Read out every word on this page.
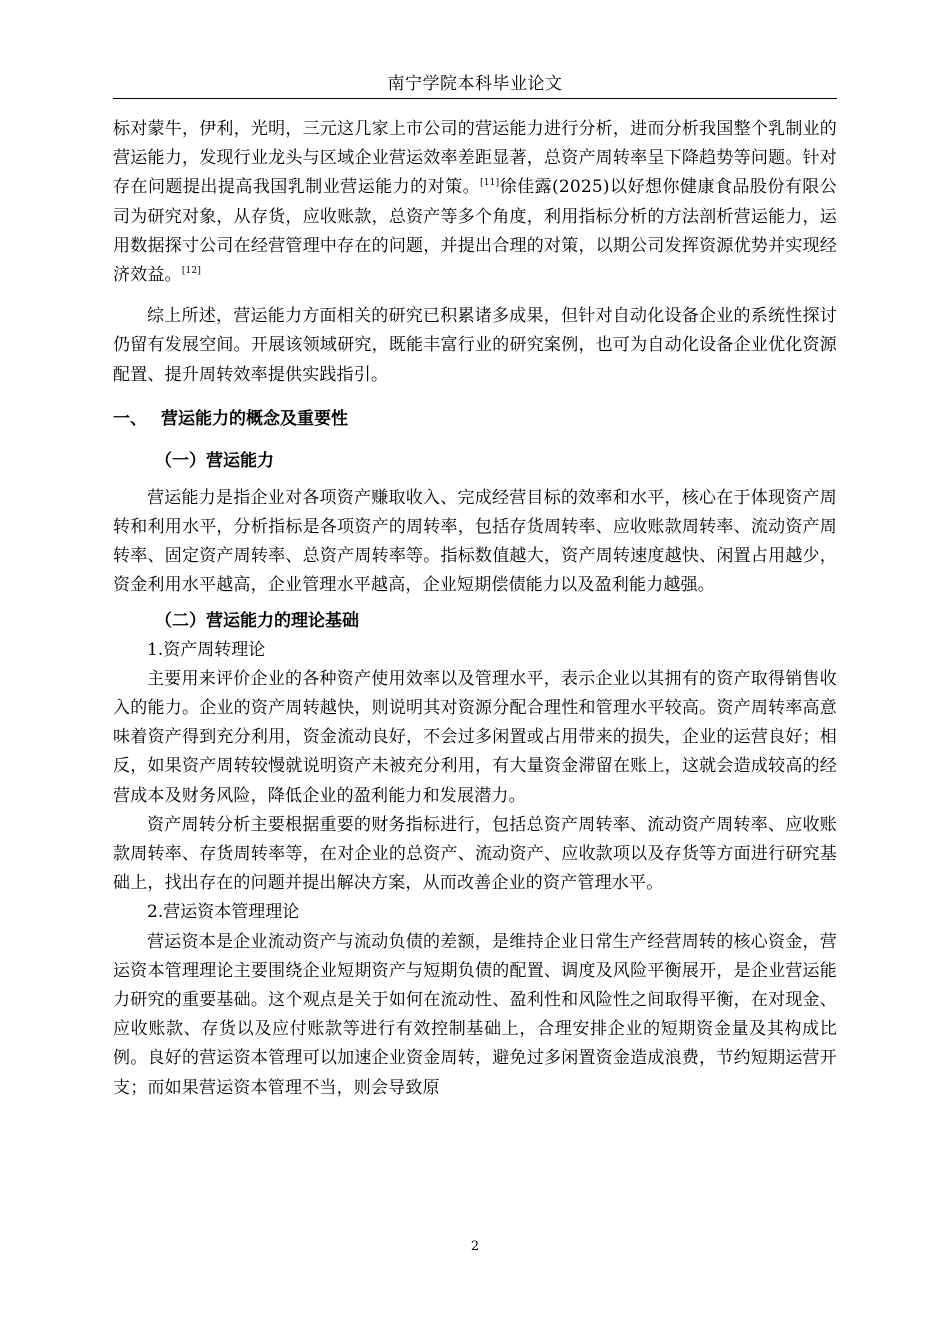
南宁学院本科毕业论文

标对蒙牛，伊利，光明，三元这几家上市公司的营运能力进行分析，进而分析我国整个乳制业的营运能力，发现行业龙头与区域企业营运效率差距显著，总资产周转率呈下降趋势等问题。针对存在问题提出提高我国乳制业营运能力的对策。[11]徐佳露(2025)以好想你健康食品股份有限公司为研究对象，从存货，应收账款，总资产等多个角度，利用指标分析的方法剖析营运能力，运用数据探寸公司在经营管理中存在的问题，并提出合理的对策，以期公司发挥资源优势并实现经济效益。[12]

综上所述，营运能力方面相关的研究已积累诸多成果，但针对自动化设备企业的系统性探讨仍留有发展空间。开展该领域研究，既能丰富行业的研究案例，也可为自动化设备企业优化资源配置、提升周转效率提供实践指引。

一、 营运能力的概念及重要性
（一）营运能力

营运能力是指企业对各项资产赚取收入、完成经营目标的效率和水平，核心在于体现资产周转和利用水平，分析指标是各项资产的周转率，包括存货周转率、应收账款周转率、流动资产周转率、固定资产周转率、总资产周转率等。指标数值越大，资产周转速度越快、闲置占用越少，资金利用水平越高，企业管理水平越高，企业短期偿债能力以及盈利能力越强。

（二）营运能力的理论基础
1.资产周转理论

主要用来评价企业的各种资产使用效率以及管理水平，表示企业以其拥有的资产取得销售收入的能力。企业的资产周转越快，则说明其对资源分配合理性和管理水平较高。资产周转率高意味着资产得到充分利用，资金流动良好，不会过多闲置或占用带来的损失，企业的运营良好；相反，如果资产周转较慢就说明资产未被充分利用，有大量资金滞留在账上，这就会造成较高的经营成本及财务风险，降低企业的盈利能力和发展潜力。

资产周转分析主要根据重要的财务指标进行，包括总资产周转率、流动资产周转率、应收账款周转率、存货周转率等，在对企业的总资产、流动资产、应收款项以及存货等方面进行研究基础上，找出存在的问题并提出解决方案，从而改善企业的资产管理水平。

2.营运资本管理理论

营运资本是企业流动资产与流动负债的差额，是维持企业日常生产经营周转的核心资金，营运资本管理理论主要围绕企业短期资产与短期负债的配置、调度及风险平衡展开，是企业营运能力研究的重要基础。这个观点是关于如何在流动性、盈利性和风险性之间取得平衡，在对现金、应收账款、存货以及应付账款等进行有效控制基础上，合理安排企业的短期资金量及其构成比例。良好的营运资本管理可以加速企业资金周转，避免过多闲置资金造成浪费，节约短期运营开支；而如果营运资本管理不当，则会导致原

2
